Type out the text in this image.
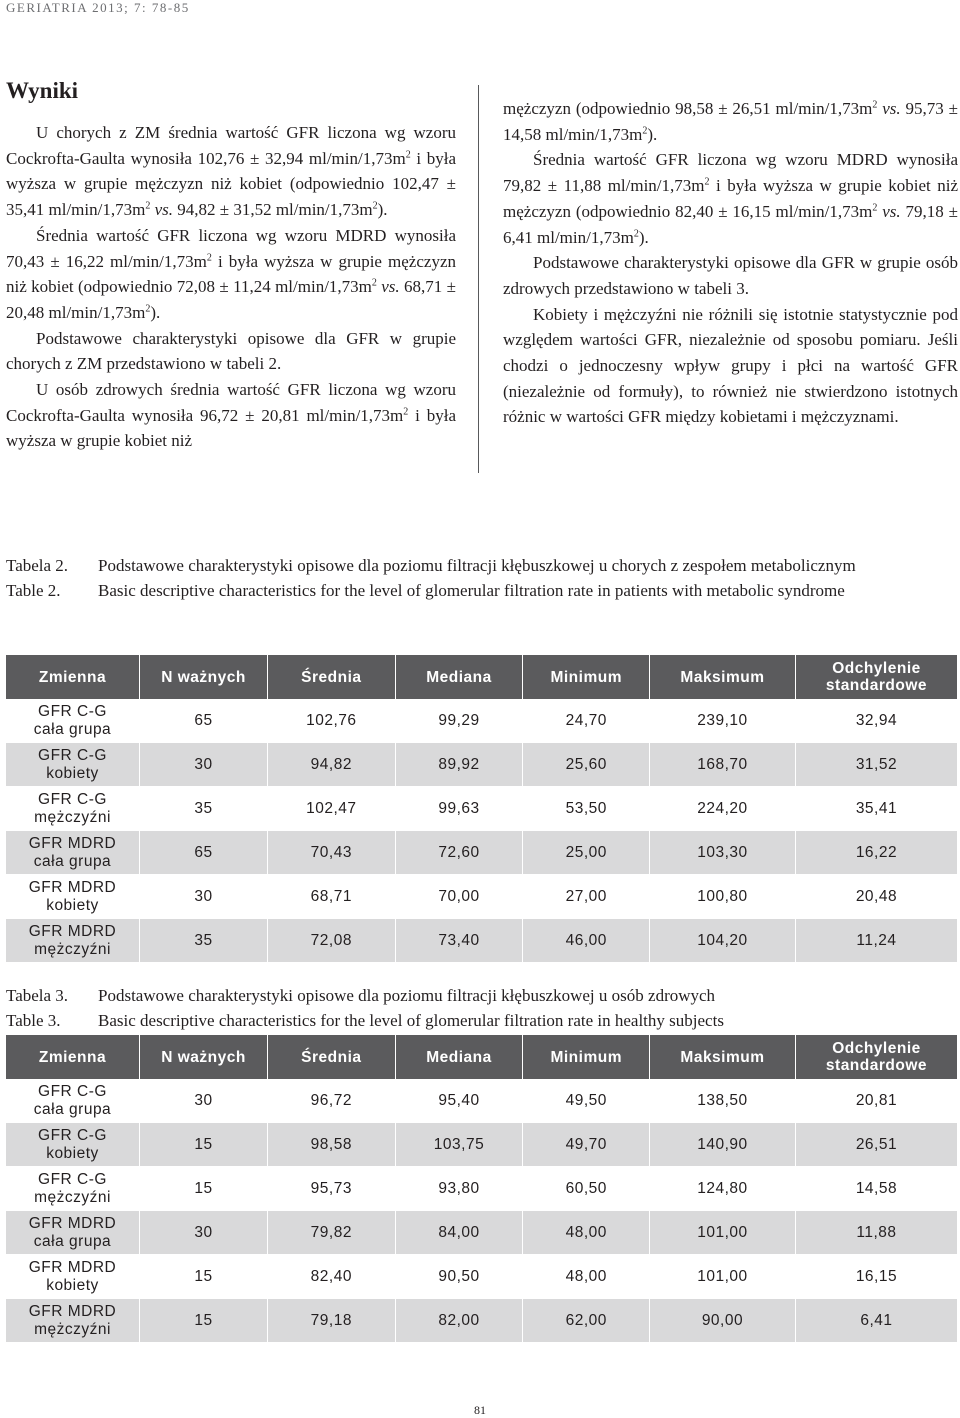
GERIATRIA 2013; 7: 78-85
Wyniki

U chorych z ZM średnia wartość GFR liczona wg wzoru Cockrofta-Gaulta wynosiła 102,76 ± 32,94 $ml/\min/1,73m^2$ i była wyższa w grupie mężczyzn niż kobiet (odpowiednio 102,47 ± 35,41 $ml/\min/1,73m^2$ vs. 94,82 ± 31,52 $ml/\min/1,73m^2$).

Średnia wartość GFR liczona wg wzoru MDRD wynosiła 70,43 ± 16,22 $ml/\min/1,73m^2$ i była wyższa w grupie mężczyzn niż kobiet (odpowiednio 72,08 ± 11,24 $ml/\min/1,73m^2$ vs. 68,71 ± 20,48 $ml/\min/1,73m^2$).

Podstawowe charakterystyki opisowe dla GFR w grupie chorych z ZM przedstawiono w tabeli 2.

U osób zdrowych średnia wartość GFR liczona wg wzoru Cockrofta-Gaulta wynosiła 96,72 ± 20,81 $ml/\min/1,73m^2$ i była wyższa w grupie kobiet niż

mężczyzn (odpowiednio 98,58 ± 26,51 $ml/\min/1,73m^2$ vs. 95,73 ± 14,58 $ml/\min/1,73m^2$).

Średnia wartość GFR liczona wg wzoru MDRD wynosiła 79,82 ± 11,88 $ml/\min/1,73m^2$ i była wyższa w grupie kobiet niż mężczyzn (odpowiednio 82,40 ± 16,15 $ml/\min/1,73m^2$ vs. 79,18 ± 6,41 $ml/\min/1,73m^2$).

Podstawowe charakterystyki opisowe dla GFR w grupie osób zdrowych przedstawiono w tabeli 3.

Kobiety i mężczyźni nie różnili się istotnie statystycznie pod względem wartości GFR, niezależnie od sposobu pomiaru. Jeśli chodzi o jednoczesny wpływ grupy i płci na wartość GFR (niezależnie od formuły), to również nie stwierdzono istotnych różnic w wartości GFR między kobietami i mężczyznami.

Tabela 2.	Podstawowe charakterystyki opisowe dla poziomu filtracji kłębuszkowej u chorych z zespołem metabolicznym
Table 2.	Basic descriptive characteristics for the level of glomerular filtration rate in patients with metabolic syndrome
Zmienna	N ważnych	Średnia	Mediana	Minimum	Maksimum	Odchylenie standardowe

GFR C-G
cała grupa	65	102,76	99,29	24,70	239,10	32,94

GFR C-G
kobiety	30	94,82	89,92	25,60	168,70	31,52

GFR C-G
mężczyźni	35	102,47	99,63	53,50	224,20	35,41

GFR MDRD
cała grupa	65	70,43	72,60	25,00	103,30	16,22

GFR MDRD
kobiety	30	68,71	70,00	27,00	100,80	20,48

GFR MDRD
mężczyźni	35	72,08	73,40	46,00	104,20	11,24
Tabela 3.	Podstawowe charakterystyki opisowe dla poziomu filtracji kłębuszkowej u osób zdrowych
Table 3.	Basic descriptive characteristics for the level of glomerular filtration rate in healthy subjects
Zmienna	N ważnych	Średnia	Mediana	Minimum	Maksimum	Odchylenie standardowe

GFR C-G
cała grupa	30	96,72	95,40	49,50	138,50	20,81

GFR C-G
kobiety	15	98,58	103,75	49,70	140,90	26,51

GFR C-G
mężczyźni	15	95,73	93,80	60,50	124,80	14,58

GFR MDRD
cała grupa	30	79,82	84,00	48,00	101,00	11,88

GFR MDRD
kobiety	15	82,40	90,50	48,00	101,00	16,15

GFR MDRD
mężczyźni	15	79,18	82,00	62,00	90,00	6,41
81
